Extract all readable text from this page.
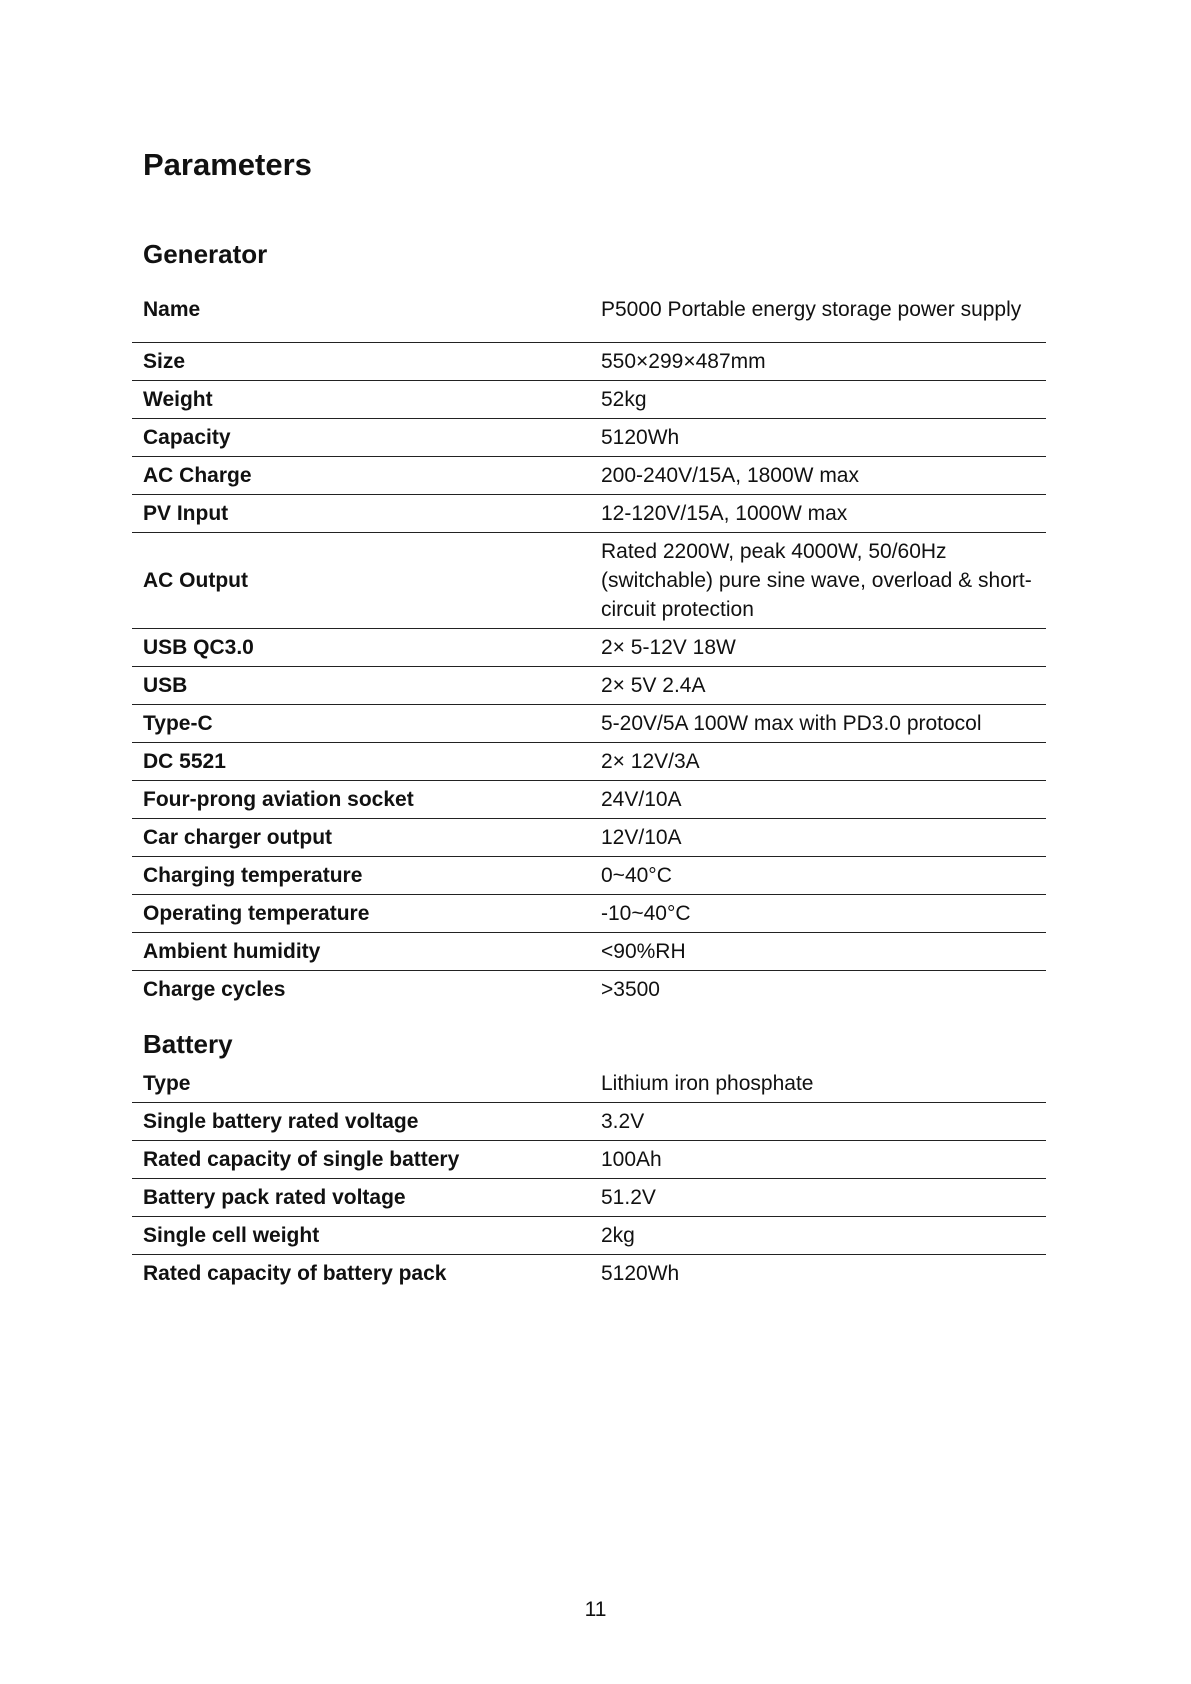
Parameters
Generator
Name	P5000 Portable energy storage power supply
Size	550×299×487mm
Weight	52kg
Capacity	5120Wh
AC Charge	200-240V/15A, 1800W max
PV Input	12-120V/15A, 1000W max
AC Output	Rated 2200W, peak 4000W, 50/60Hz (switchable) pure sine wave, overload & short-circuit protection
USB QC3.0	2× 5-12V 18W
USB	2× 5V 2.4A
Type-C	5-20V/5A 100W max with PD3.0 protocol
DC 5521	2× 12V/3A
Four-prong aviation socket	24V/10A
Car charger output	12V/10A
Charging temperature	0~40°C
Operating temperature	-10~40°C
Ambient humidity	<90%RH
Charge cycles	>3500
Battery
Type	Lithium iron phosphate
Single battery rated voltage	3.2V
Rated capacity of single battery	100Ah
Battery pack rated voltage	51.2V
Single cell weight	2kg
Rated capacity of battery pack	5120Wh
11
